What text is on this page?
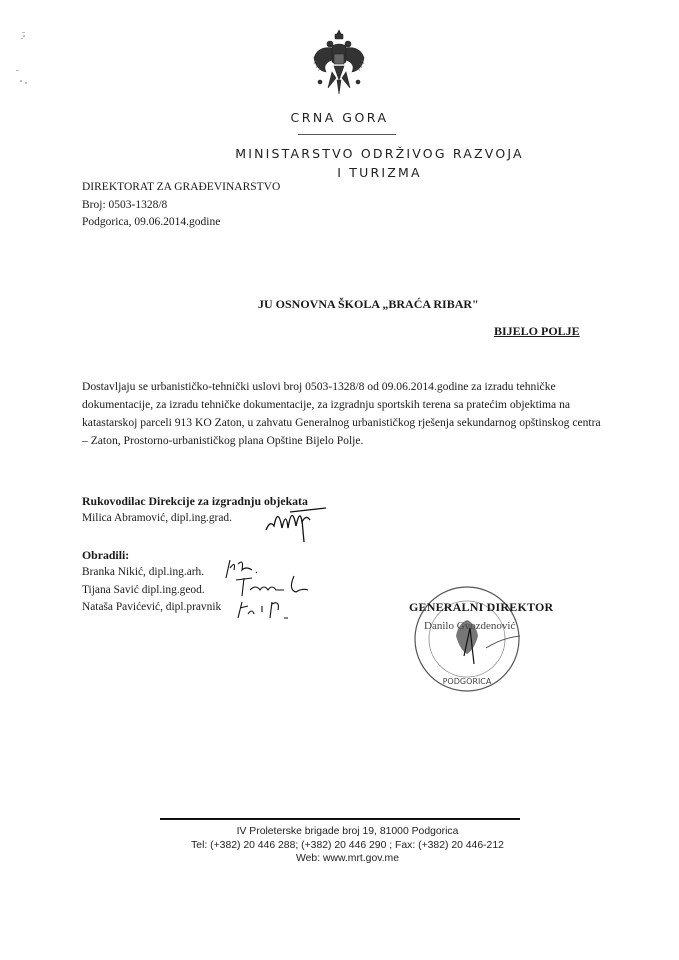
CRNA GORA
MINISTARSTVO ODRŽIVOG RAZVOJA
I TURIZMA
DIREKTORAT ZA GRAĐEVINARSTVO
Broj: 0503-1328/8
Podgorica, 09.06.2014.godine
JU OSNOVNA ŠKOLA „BRAĆA RIBAR"
BIJELO POLJE
Dostavljaju se urbanističko-tehnički uslovi broj 0503-1328/8 od 09.06.2014.godine za izradu tehničke dokumentacije, za izradu tehničke dokumentacije, za izgradnju sportskih terena sa pratećim objektima na katastarskoj parceli 913 KO Zaton, u zahvatu Generalnog urbanističkog rješenja sekundarnog opštinskog centra – Zaton, Prostorno-urbanističkog plana Opštine Bijelo Polje.
Rukovodilac Direkcije za izgradnju objekata
Milica Abramović, dipl.ing.grad.
Obradili:
Branka Nikić, dipl.ing.arh.
Tijana Savić dipl.ing.geod.
Nataša Pavićević, dipl.pravnik
PODGORICA
GENERALNI DIREKTOR
Danilo Gvozdenović
IV Proleterske brigade broj 19, 81000 Podgorica
Tel: (+382) 20 446 288; (+382) 20 446 290 ; Fax: (+382) 20 446-212
Web: www.mrt.gov.me
